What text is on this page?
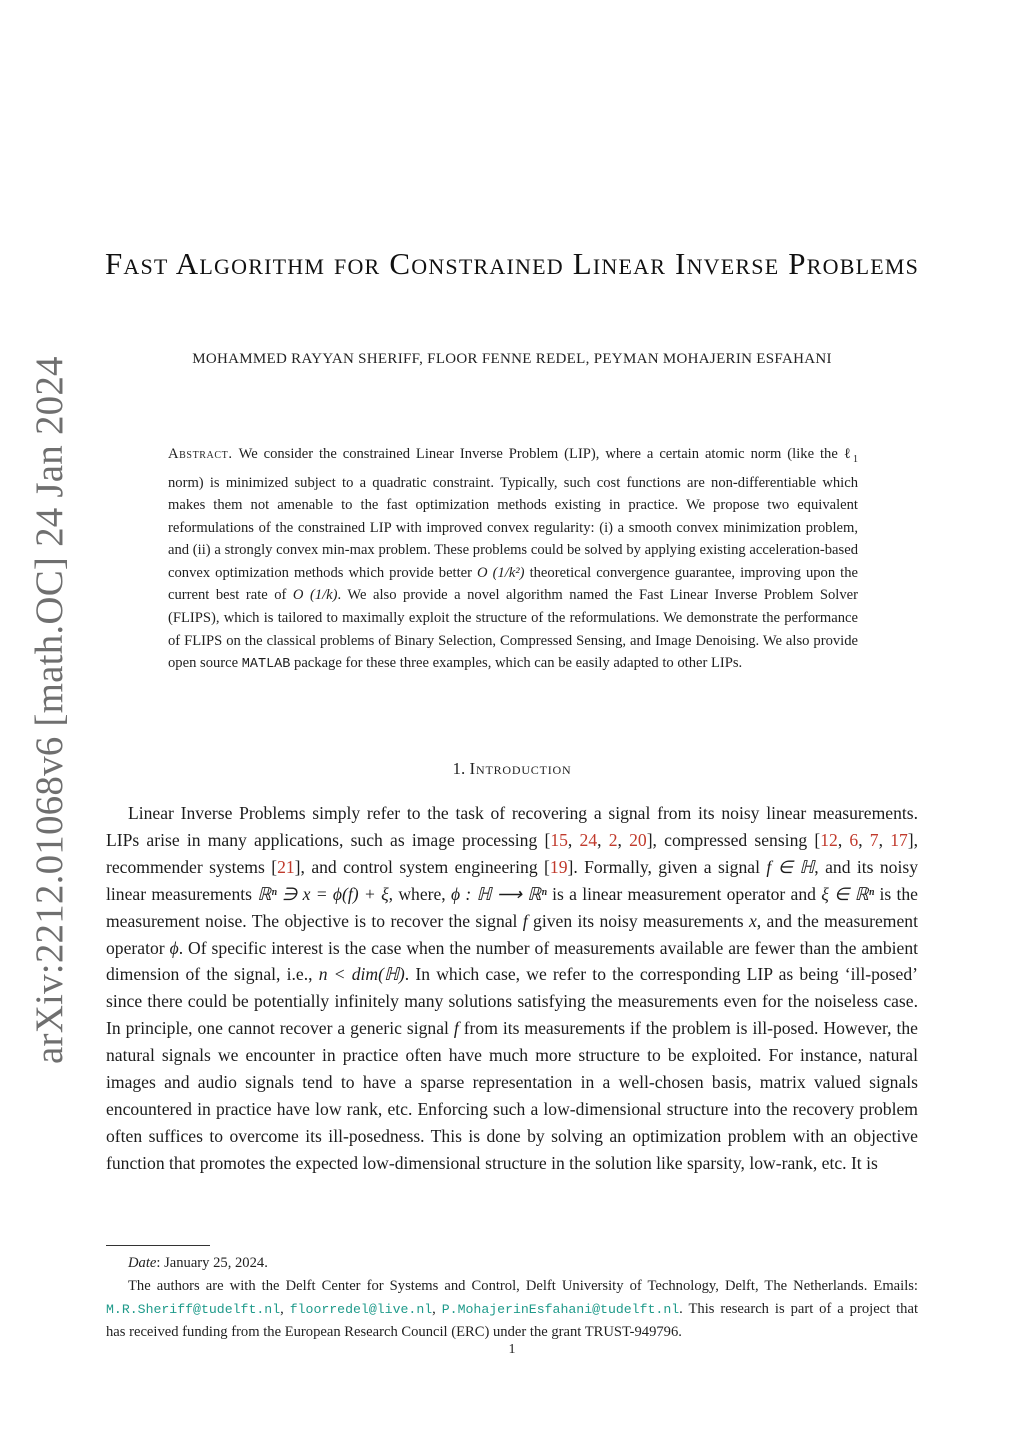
arXiv:2212.01068v6 [math.OC] 24 Jan 2024
Fast Algorithm for Constrained Linear Inverse Problems
MOHAMMED RAYYAN SHERIFF, FLOOR FENNE REDEL, PEYMAN MOHAJERIN ESFAHANI
Abstract. We consider the constrained Linear Inverse Problem (LIP), where a certain atomic norm (like the ℓ$_1$ norm) is minimized subject to a quadratic constraint. Typically, such cost functions are non-differentiable which makes them not amenable to the fast optimization methods existing in practice. We propose two equivalent reformulations of the constrained LIP with improved convex regularity: (i) a smooth convex minimization problem, and (ii) a strongly convex min-max problem. These problems could be solved by applying existing acceleration-based convex optimization methods which provide better O (1/k²) theoretical convergence guarantee, improving upon the current best rate of O (1/k). We also provide a novel algorithm named the Fast Linear Inverse Problem Solver (FLIPS), which is tailored to maximally exploit the structure of the reformulations. We demonstrate the performance of FLIPS on the classical problems of Binary Selection, Compressed Sensing, and Image Denoising. We also provide open source MATLAB package for these three examples, which can be easily adapted to other LIPs.
1. Introduction

Linear Inverse Problems simply refer to the task of recovering a signal from its noisy linear measurements. LIPs arise in many applications, such as image processing [15, 24, 2, 20], compressed sensing [12, 6, 7, 17], recommender systems [21], and control system engineering [19]. Formally, given a signal f ∈ ℍ, and its noisy linear measurements ℝⁿ ∋ x = ϕ(f) + ξ, where, ϕ : ℍ ⟶ ℝⁿ is a linear measurement operator and ξ ∈ ℝⁿ is the measurement noise. The objective is to recover the signal f given its noisy measurements x, and the measurement operator ϕ. Of specific interest is the case when the number of measurements available are fewer than the ambient dimension of the signal, i.e., n < dim(ℍ). In which case, we refer to the corresponding LIP as being ‘ill-posed’ since there could be potentially infinitely many solutions satisfying the measurements even for the noiseless case. In principle, one cannot recover a generic signal f from its measurements if the problem is ill-posed. However, the natural signals we encounter in practice often have much more structure to be exploited. For instance, natural images and audio signals tend to have a sparse representation in a well-chosen basis, matrix valued signals encountered in practice have low rank, etc. Enforcing such a low-dimensional structure into the recovery problem often suffices to overcome its ill-posedness. This is done by solving an optimization problem with an objective function that promotes the expected low-dimensional structure in the solution like sparsity, low-rank, etc. It is

Date: January 25, 2024.

The authors are with the Delft Center for Systems and Control, Delft University of Technology, Delft, The Netherlands. Emails: M.R.Sheriff@tudelft.nl, floorredel@live.nl, P.MohajerinEsfahani@tudelft.nl. This research is part of a project that has received funding from the European Research Council (ERC) under the grant TRUST-949796.

1
